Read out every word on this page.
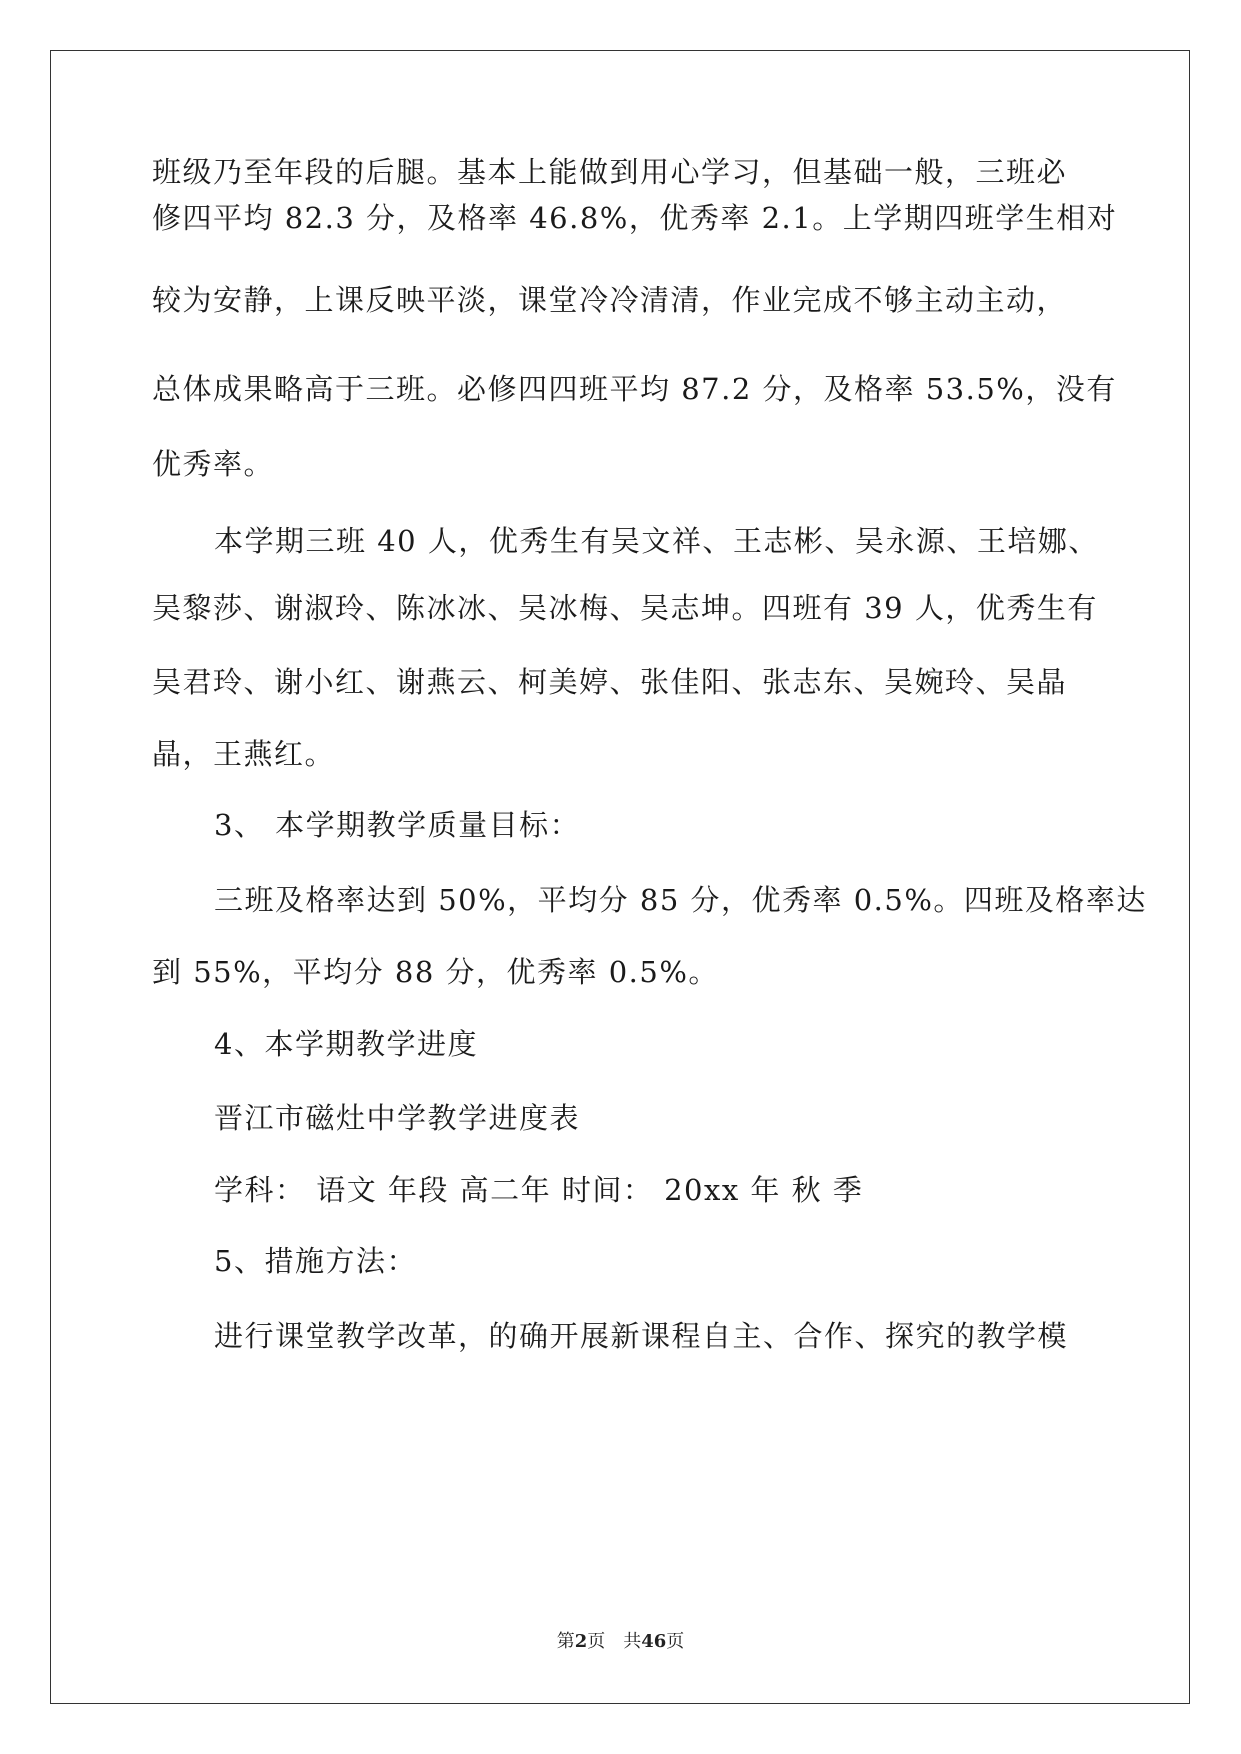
班级乃至年段的后腿。基本上能做到用心学习，但基础一般，三班必
修四平均 82.3 分，及格率 46.8%，优秀率 2.1。上学期四班学生相对
较为安静，上课反映平淡，课堂冷冷清清，作业完成不够主动主动，
总体成果略高于三班。必修四四班平均 87.2 分，及格率 53.5%，没有
优秀率。
本学期三班 40 人，优秀生有吴文祥、王志彬、吴永源、王培娜、
吴黎莎、谢淑玲、陈冰冰、吴冰梅、吴志坤。四班有 39 人，优秀生有
吴君玲、谢小红、谢燕云、柯美婷、张佳阳、张志东、吴婉玲、吴晶
晶，王燕红。
3、 本学期教学质量目标：
三班及格率达到 50%，平均分 85 分，优秀率 0.5%。四班及格率达
到 55%，平均分 88 分，优秀率 0.5%。
4、本学期教学进度
晋江市磁灶中学教学进度表
学科： 语文 年段 高二年 时间： 20xx 年 秋 季
5、措施方法：
进行课堂教学改革，的确开展新课程自主、合作、探究的教学模
第2页 共46页
